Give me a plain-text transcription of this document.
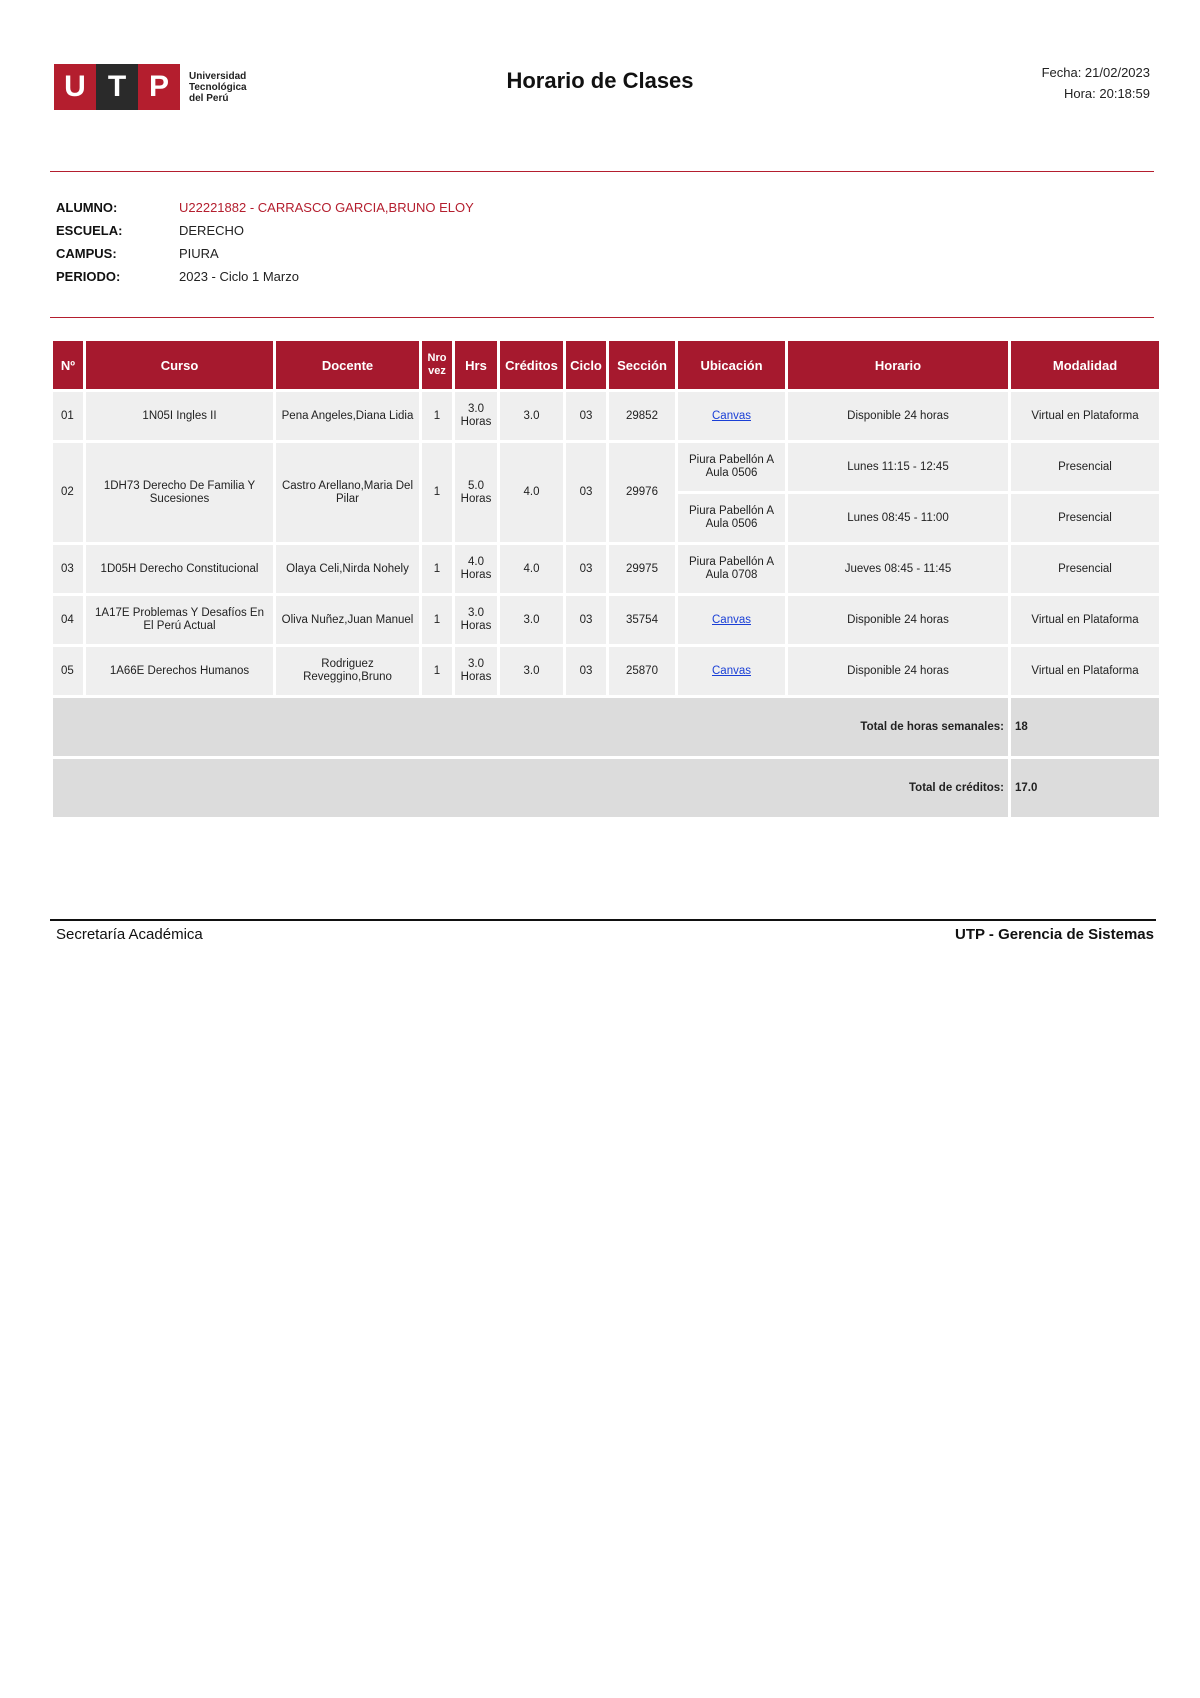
U T P	Universidad
Tecnológica
del Perú
Horario de Clases	Fecha: 21/02/2023
Hora: 20:18:59
ALUMNO:	U22221882 - CARRASCO GARCIA,BRUNO ELOY
ESCUELA:	DERECHO
CAMPUS:	PIURA
PERIODO:	2023 - Ciclo 1 Marzo
Nº	Curso	Docente	Nro vez	Hrs	Créditos	Ciclo	Sección	Ubicación	Horario	Modalidad
01	1N05I Ingles II	Pena Angeles,Diana Lidia	1	3.0 Horas	3.0	03	29852	Canvas	Disponible 24 horas	Virtual en Plataforma
02	1DH73 Derecho De Familia Y Sucesiones	Castro Arellano,Maria Del Pilar	1	5.0 Horas	4.0	03	29976	Piura Pabellón A Aula 0506	Lunes 11:15 - 12:45	Presencial
								Piura Pabellón A Aula 0506	Lunes 08:45 - 11:00	Presencial
03	1D05H Derecho Constitucional	Olaya Celi,Nirda Nohely	1	4.0 Horas	4.0	03	29975	Piura Pabellón A Aula 0708	Jueves 08:45 - 11:45	Presencial
04	1A17E Problemas Y Desafíos En El Perú Actual	Oliva Nuñez,Juan Manuel	1	3.0 Horas	3.0	03	35754	Canvas	Disponible 24 horas	Virtual en Plataforma
05	1A66E Derechos Humanos	Rodriguez Reveggino,Bruno	1	3.0 Horas	3.0	03	25870	Canvas	Disponible 24 horas	Virtual en Plataforma
Total de horas semanales:										18
Total de créditos:										17.0
Secretaría Académica	UTP - Gerencia de Sistemas
